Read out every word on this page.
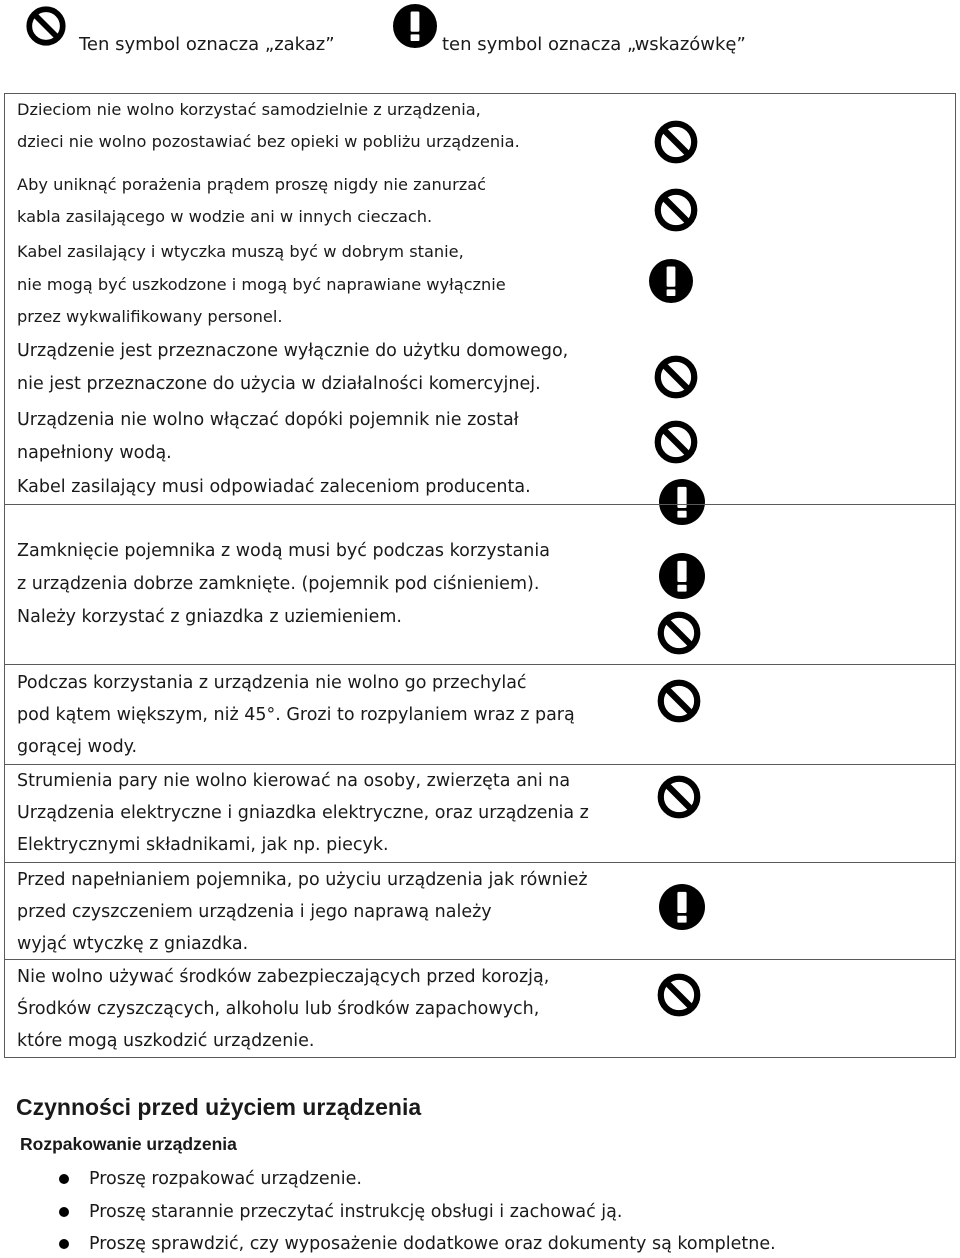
Ten symbol oznacza „zakaz”	ten symbol oznacza „wskazówkę”
Dzieciom nie wolno korzystać samodzielnie z urządzenia,
dzieci nie wolno pozostawiać bez opieki w pobliżu urządzenia.
Aby uniknąć porażenia prądem proszę nigdy nie zanurzać
kabla zasilającego w wodzie ani w innych cieczach.
Kabel zasilający i wtyczka muszą być w dobrym stanie,
nie mogą być uszkodzone i mogą być naprawiane wyłącznie
przez wykwalifikowany personel.
Urządzenie jest przeznaczone wyłącznie do użytku domowego,
nie jest przeznaczone do użycia w działalności komercyjnej.
Urządzenia nie wolno włączać dopóki pojemnik nie został
napełniony wodą.
Kabel zasilający musi odpowiadać zaleceniom producenta.
Zamknięcie pojemnika z wodą musi być podczas korzystania
z urządzenia dobrze zamknięte. (pojemnik pod ciśnieniem).
Należy korzystać z gniazdka z uziemieniem.
Podczas korzystania z urządzenia nie wolno go przechylać
pod kątem większym, niż 45°. Grozi to rozpylaniem wraz z parą
gorącej wody.
Strumienia pary nie wolno kierować na osoby, zwierzęta ani na
Urządzenia elektryczne i gniazdka elektryczne, oraz urządzenia z
Elektrycznymi składnikami, jak np. piecyk.
Przed napełnianiem pojemnika, po użyciu urządzenia jak również
przed czyszczeniem urządzenia i jego naprawą należy
wyjąć wtyczkę z gniazdka.
Nie wolno używać środków zabezpieczających przed korozją,
Środków czyszczących, alkoholu lub środków zapachowych,
które mogą uszkodzić urządzenie.
Czynności przed użyciem urządzenia
Rozpakowanie urządzenia
Proszę rozpakować urządzenie.
Proszę starannie przeczytać instrukcję obsługi i zachować ją.
Proszę sprawdzić, czy wyposażenie dodatkowe oraz dokumenty są kompletne.
